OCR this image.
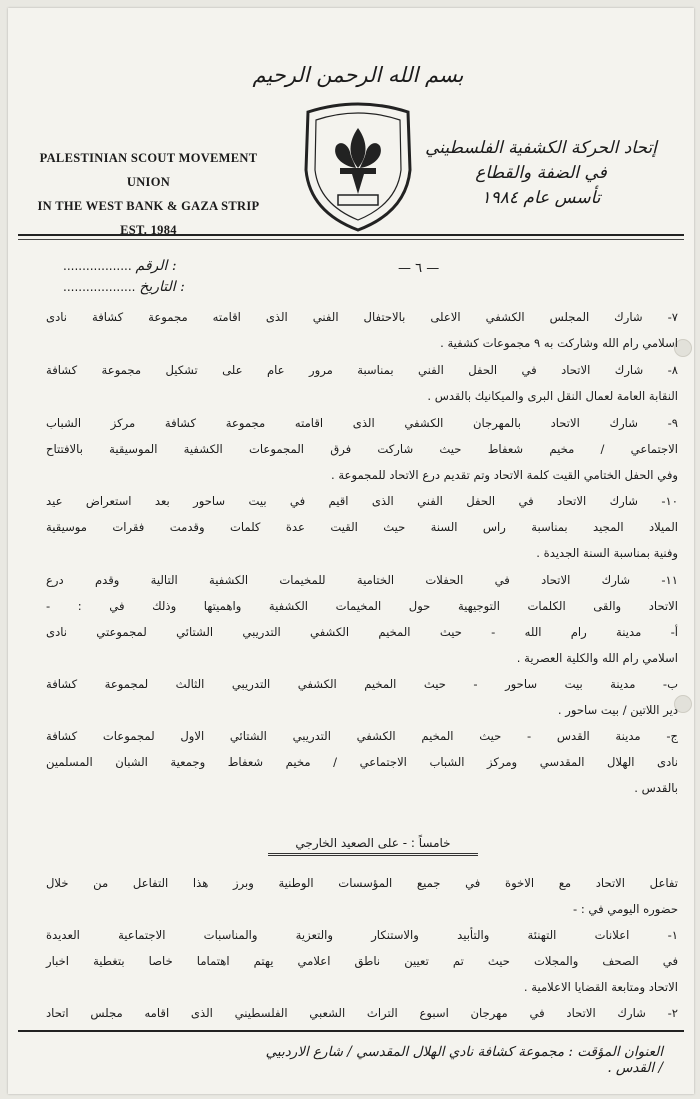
بسم الله الرحمن الرحيم
PALESTINIAN SCOUT MOVEMENT UNION
IN THE WEST BANK & GAZA STRIP
EST. 1984
إتحاد الحركة الكشفية الفلسطيني
في الضفة والقطاع
تأسس عام ١٩٨٤
— ٦ —
.................. الرقم :
................... التاريخ :

٧- شارك المجلس الكشفي الاعلى بالاحتفال الفني الذى اقامته مجموعة كشافة نادى

اسلامي رام الله وشاركت به ٩ مجموعات كشفية .

٨- شارك الاتحاد في الحفل الفني بمناسبة مرور عام على تشكيل مجموعة كشافة

النقابة العامة لعمال النقل البرى والميكانيك بالقدس .

٩- شارك الاتحاد بالمهرجان الكشفي الذى اقامته مجموعة كشافة مركز الشباب

الاجتماعي / مخيم شعفاط حيث شاركت فرق المجموعات الكشفية الموسيقية بالافتتاح

وفي الحفل الختامي القيت كلمة الاتحاد وتم تقديم درع الاتحاد للمجموعة .

١٠- شارك الاتحاد في الحفل الفني الذى اقيم في بيت ساحور بعد استعراض عيد

الميلاد المجيد بمناسبة راس السنة حيث القيت عدة كلمات وقدمت فقرات موسيقية

وفنية بمناسبة السنة الجديدة .

١١- شارك الاتحاد في الحفلات الختامية للمخيمات الكشفية التالية وقدم درع

الاتحاد والقى الكلمات التوجيهية حول المخيمات الكشفية واهميتها وذلك في : -

أ- مدينة رام الله - حيث المخيم الكشفي التدريبي الشتائي لمجموعتي نادى

اسلامي رام الله والكلية العصرية .

ب- مدينة بيت ساحور - حيث المخيم الكشفي التدريبي الثالث لمجموعة كشافة

دير اللاتين / بيت ساحور .

ج- مدينة القدس - حيث المخيم الكشفي التدريبي الشتائي الاول لمجموعات كشافة

نادى الهلال المقدسي ومركز الشباب الاجتماعي / مخيم شعفاط وجمعية الشبان المسلمين

بالقدس .

خامساً : - على الصعيد الخارجي

تفاعل الاتحاد مع الاخوة في جميع المؤسسات الوطنية وبرز هذا التفاعل من خلال

حضوره اليومي في : -

١- اعلانات التهنئة والتأبيد والاستنكار والتعزية والمناسبات الاجتماعية العديدة

في الصحف والمجلات حيث تم تعيين ناطق اعلامي يهتم اهتماما خاصا بتغطية اخبار

الاتحاد ومتابعة القضايا الاعلامية .

٢- شارك الاتحاد في مهرجان اسبوع التراث الشعبي الفلسطيني الذى اقامه مجلس اتحاد

العنوان المؤقت : مجموعة كشافة نادي الهلال المقدسي / شارع الاردبيي / القدس .
